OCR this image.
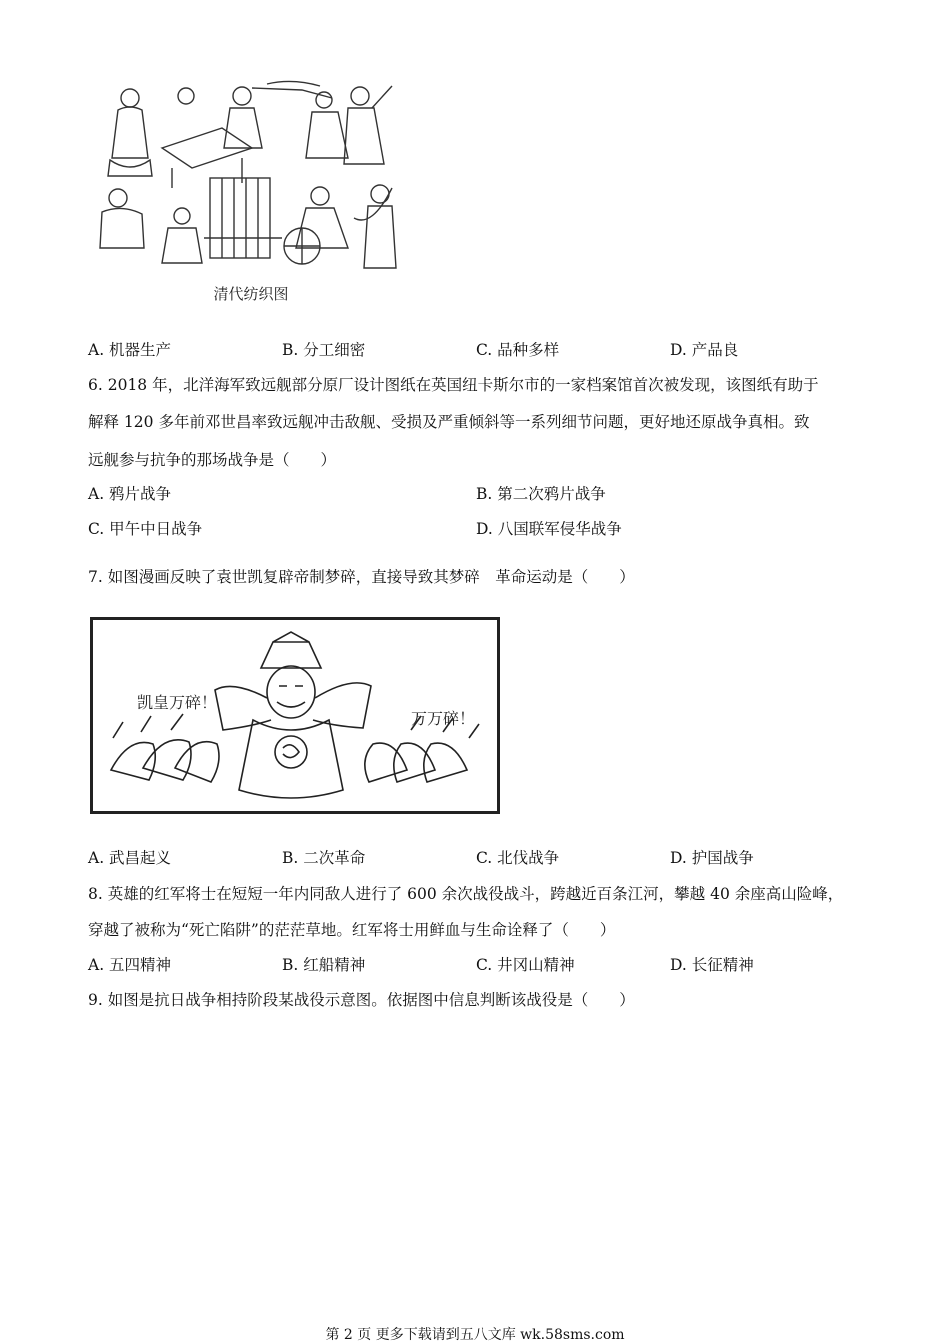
清代纺织图
A. 机器生产	B. 分工细密	C. 品种多样	D. 产品良
6. 2018 年，北洋海军致远舰部分原厂设计图纸在英国纽卡斯尔市的一家档案馆首次被发现，该图纸有助于
解释 120 多年前邓世昌率致远舰冲击敌舰、受损及严重倾斜等一系列细节问题，更好地还原战争真相。致
远舰参与抗争的那场战争是（　　）
A. 鸦片战争	B. 第二次鸦片战争
C. 甲午中日战争	D. 八国联军侵华战争
7. 如图漫画反映了袁世凯复辟帝制梦碎，直接导致其梦碎　革命运动是（　　）
凯皇万碎！
万万碎！
A. 武昌起义	B. 二次革命	C. 北伐战争	D. 护国战争
8. 英雄的红军将士在短短一年内同敌人进行了 600 余次战役战斗，跨越近百条江河，攀越 40 余座高山险峰，
穿越了被称为“死亡陷阱”的茫茫草地。红军将士用鲜血与生命诠释了（　　）
A. 五四精神	B. 红船精神	C. 井冈山精神	D. 长征精神
9. 如图是抗日战争相持阶段某战役示意图。依据图中信息判断该战役是（　　）
第 2 页 更多下载请到五八文库 wk.58sms.com
